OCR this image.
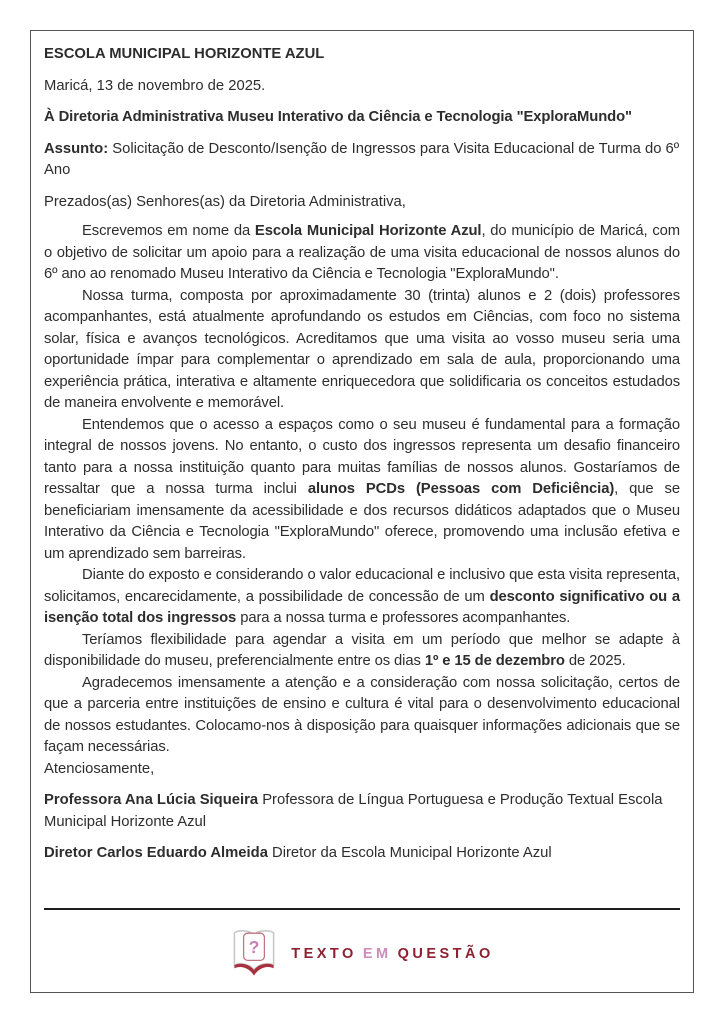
ESCOLA MUNICIPAL HORIZONTE AZUL

Maricá, 13 de novembro de 2025.

À Diretoria Administrativa Museu Interativo da Ciência e Tecnologia "ExploraMundo"

Assunto: Solicitação de Desconto/Isenção de Ingressos para Visita Educacional de Turma do 6º Ano

Prezados(as) Senhores(as) da Diretoria Administrativa,

Escrevemos em nome da Escola Municipal Horizonte Azul, do município de Maricá, com o objetivo de solicitar um apoio para a realização de uma visita educacional de nossos alunos do 6º ano ao renomado Museu Interativo da Ciência e Tecnologia "ExploraMundo".

Nossa turma, composta por aproximadamente 30 (trinta) alunos e 2 (dois) professores acompanhantes, está atualmente aprofundando os estudos em Ciências, com foco no sistema solar, física e avanços tecnológicos. Acreditamos que uma visita ao vosso museu seria uma oportunidade ímpar para complementar o aprendizado em sala de aula, proporcionando uma experiência prática, interativa e altamente enriquecedora que solidificaria os conceitos estudados de maneira envolvente e memorável.

Entendemos que o acesso a espaços como o seu museu é fundamental para a formação integral de nossos jovens. No entanto, o custo dos ingressos representa um desafio financeiro tanto para a nossa instituição quanto para muitas famílias de nossos alunos. Gostaríamos de ressaltar que a nossa turma inclui alunos PCDs (Pessoas com Deficiência), que se beneficiariam imensamente da acessibilidade e dos recursos didáticos adaptados que o Museu Interativo da Ciência e Tecnologia "ExploraMundo" oferece, promovendo uma inclusão efetiva e um aprendizado sem barreiras.

Diante do exposto e considerando o valor educacional e inclusivo que esta visita representa, solicitamos, encarecidamente, a possibilidade de concessão de um desconto significativo ou a isenção total dos ingressos para a nossa turma e professores acompanhantes.

Teríamos flexibilidade para agendar a visita em um período que melhor se adapte à disponibilidade do museu, preferencialmente entre os dias 1º e 15 de dezembro de 2025.

Agradecemos imensamente a atenção e a consideração com nossa solicitação, certos de que a parceria entre instituições de ensino e cultura é vital para o desenvolvimento educacional de nossos estudantes. Colocamo-nos à disposição para quaisquer informações adicionais que se façam necessárias.

Atenciosamente,

Professora Ana Lúcia Siqueira Professora de Língua Portuguesa e Produção Textual Escola Municipal Horizonte Azul

Diretor Carlos Eduardo Almeida Diretor da Escola Municipal Horizonte Azul

? TEXTO EM QUESTÃO
